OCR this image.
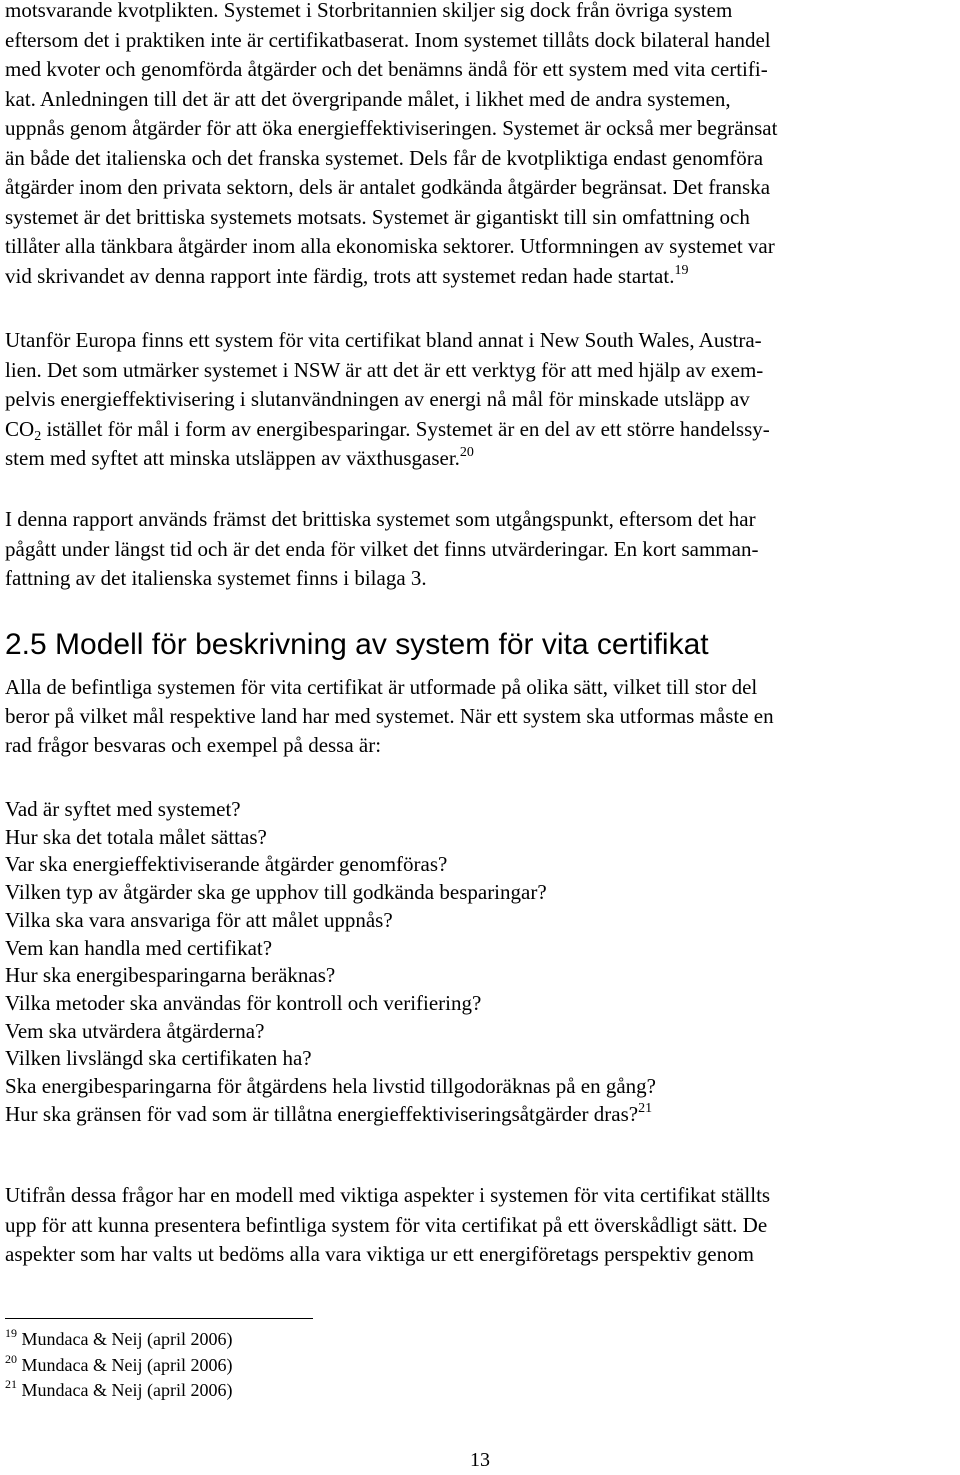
motsvarande kvotplikten. Systemet i Storbritannien skiljer sig dock från övriga system
eftersom det i praktiken inte är certifikatbaserat. Inom systemet tillåts dock bilateral handel
med kvoter och genomförda åtgärder och det benämns ändå för ett system med vita certifi-
kat. Anledningen till det är att det övergripande målet, i likhet med de andra systemen,
uppnås genom åtgärder för att öka energieffektiviseringen. Systemet är också mer begränsat
än både det italienska och det franska systemet. Dels får de kvotpliktiga endast genomföra
åtgärder inom den privata sektorn, dels är antalet godkända åtgärder begränsat. Det franska
systemet är det brittiska systemets motsats. Systemet är gigantiskt till sin omfattning och
tillåter alla tänkbara åtgärder inom alla ekonomiska sektorer. Utformningen av systemet var
vid skrivandet av denna rapport inte färdig, trots att systemet redan hade startat.$^{19}$

Utanför Europa finns ett system för vita certifikat bland annat i New South Wales, Austra-
lien. Det som utmärker systemet i NSW är att det är ett verktyg för att med hjälp av exem-
pelvis energieffektivisering i slutanvändningen av energi nå mål för minskade utsläpp av
$CO_2$ istället för mål i form av energibesparingar. Systemet är en del av ett större handelssy-
stem med syftet att minska utsläppen av växthusgaser.$^{20}$

I denna rapport används främst det brittiska systemet som utgångspunkt, eftersom det har
pågått under längst tid och är det enda för vilket det finns utvärderingar. En kort samman-
fattning av det italienska systemet finns i bilaga 3.

2.5 Modell för beskrivning av system för vita certifikat

Alla de befintliga systemen för vita certifikat är utformade på olika sätt, vilket till stor del
beror på vilket mål respektive land har med systemet. När ett system ska utformas måste en
rad frågor besvaras och exempel på dessa är:

Vad är syftet med systemet?
Hur ska det totala målet sättas?
Var ska energieffektiviserande åtgärder genomföras?
Vilken typ av åtgärder ska ge upphov till godkända besparingar?
Vilka ska vara ansvariga för att målet uppnås?
Vem kan handla med certifikat?
Hur ska energibesparingarna beräknas?
Vilka metoder ska användas för kontroll och verifiering?
Vem ska utvärdera åtgärderna?
Vilken livslängd ska certifikaten ha?
Ska energibesparingarna för åtgärdens hela livstid tillgodoräknas på en gång?
Hur ska gränsen för vad som är tillåtna energieffektiviseringsåtgärder dras?$^{21}$

Utifrån dessa frågor har en modell med viktiga aspekter i systemen för vita certifikat ställts
upp för att kunna presentera befintliga system för vita certifikat på ett överskådligt sätt. De
aspekter som har valts ut bedöms alla vara viktiga ur ett energiföretags perspektiv genom

$^{19}$ Mundaca & Neij (april 2006)
$^{20}$ Mundaca & Neij (april 2006)
$^{21}$ Mundaca & Neij (april 2006)
13
